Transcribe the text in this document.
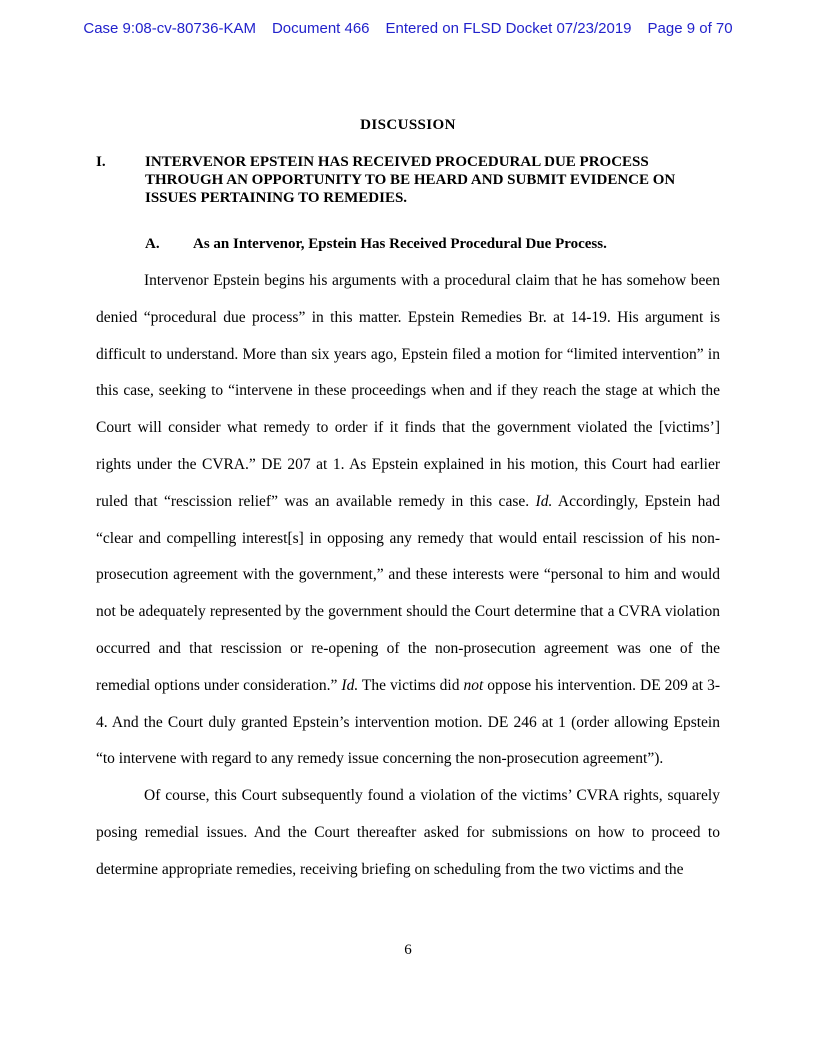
Case 9:08-cv-80736-KAM Document 466 Entered on FLSD Docket 07/23/2019 Page 9 of 70
DISCUSSION
I.	INTERVENOR EPSTEIN HAS RECEIVED PROCEDURAL DUE PROCESS THROUGH AN OPPORTUNITY TO BE HEARD AND SUBMIT EVIDENCE ON ISSUES PERTAINING TO REMEDIES.
A. As an Intervenor, Epstein Has Received Procedural Due Process.

Intervenor Epstein begins his arguments with a procedural claim that he has somehow been denied “procedural due process” in this matter. Epstein Remedies Br. at 14-19. His argument is difficult to understand. More than six years ago, Epstein filed a motion for “limited intervention” in this case, seeking to “intervene in these proceedings when and if they reach the stage at which the Court will consider what remedy to order if it finds that the government violated the [victims’] rights under the CVRA.” DE 207 at 1. As Epstein explained in his motion, this Court had earlier ruled that “rescission relief” was an available remedy in this case. Id. Accordingly, Epstein had “clear and compelling interest[s] in opposing any remedy that would entail rescission of his non-prosecution agreement with the government,” and these interests were “personal to him and would not be adequately represented by the government should the Court determine that a CVRA violation occurred and that rescission or re-opening of the non-prosecution agreement was one of the remedial options under consideration.” Id. The victims did not oppose his intervention. DE 209 at 3-4. And the Court duly granted Epstein’s intervention motion. DE 246 at 1 (order allowing Epstein “to intervene with regard to any remedy issue concerning the non-prosecution agreement”).

Of course, this Court subsequently found a violation of the victims’ CVRA rights, squarely posing remedial issues. And the Court thereafter asked for submissions on how to proceed to determine appropriate remedies, receiving briefing on scheduling from the two victims and the

6
